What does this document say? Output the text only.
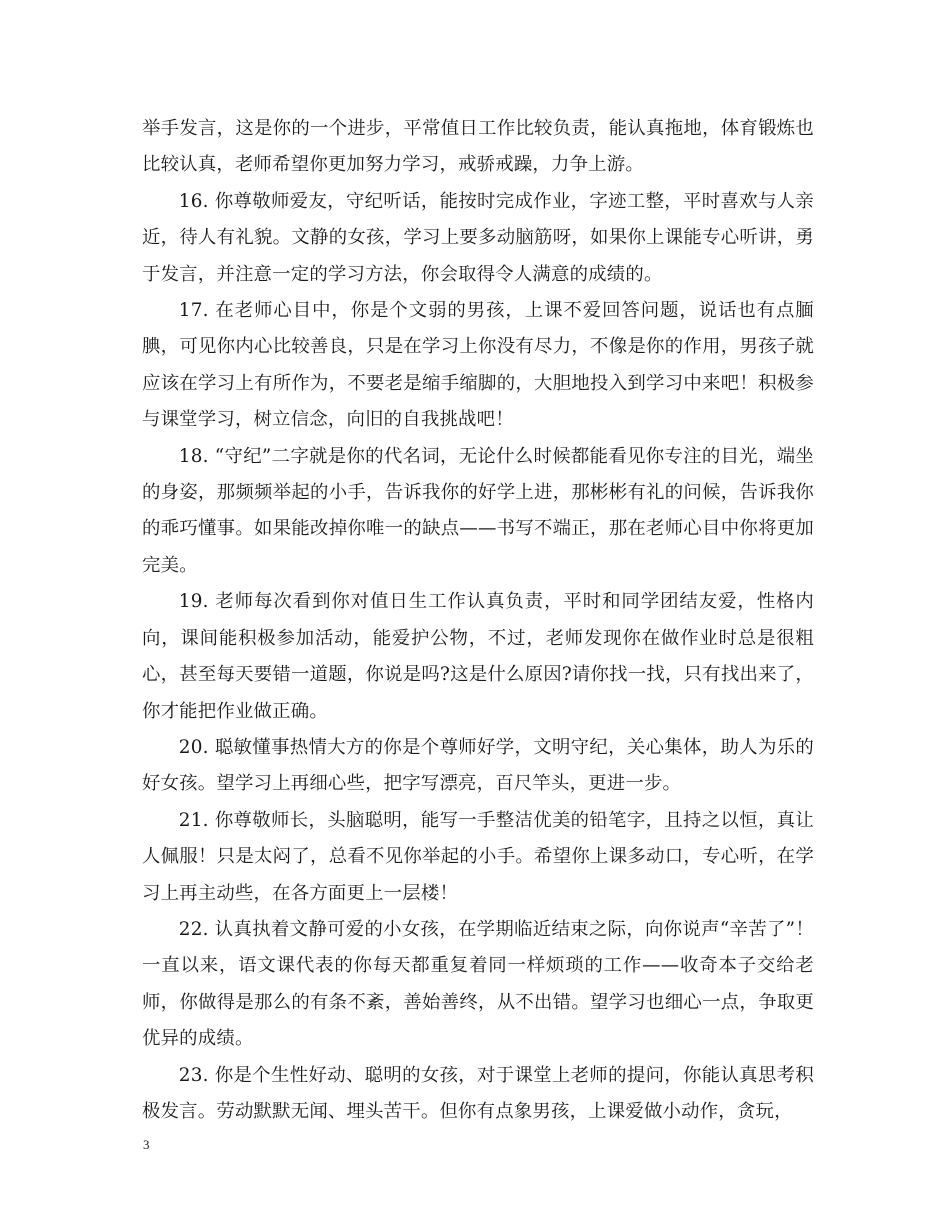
举手发言，这是你的一个进步，平常值日工作比较负责，能认真拖地，体育锻炼也比较认真，老师希望你更加努力学习，戒骄戒躁，力争上游。

16. 你尊敬师爱友，守纪听话，能按时完成作业，字迹工整，平时喜欢与人亲近，待人有礼貌。文静的女孩，学习上要多动脑筋呀，如果你上课能专心听讲，勇于发言，并注意一定的学习方法，你会取得令人满意的成绩的。

17. 在老师心目中，你是个文弱的男孩，上课不爱回答问题，说话也有点腼腆，可见你内心比较善良，只是在学习上你没有尽力，不像是你的作用，男孩子就应该在学习上有所作为，不要老是缩手缩脚的，大胆地投入到学习中来吧！积极参与课堂学习，树立信念，向旧的自我挑战吧！

18. “守纪”二字就是你的代名词，无论什么时候都能看见你专注的目光，端坐的身姿，那频频举起的小手，告诉我你的好学上进，那彬彬有礼的问候，告诉我你的乖巧懂事。如果能改掉你唯一的缺点——书写不端正，那在老师心目中你将更加完美。

19. 老师每次看到你对值日生工作认真负责，平时和同学团结友爱，性格内向，课间能积极参加活动，能爱护公物，不过，老师发现你在做作业时总是很粗心，甚至每天要错一道题，你说是吗?这是什么原因?请你找一找，只有找出来了，你才能把作业做正确。

20. 聪敏懂事热情大方的你是个尊师好学，文明守纪，关心集体，助人为乐的好女孩。望学习上再细心些，把字写漂亮，百尺竿头，更进一步。

21. 你尊敬师长，头脑聪明，能写一手整洁优美的铅笔字，且持之以恒，真让人佩服！只是太闷了，总看不见你举起的小手。希望你上课多动口，专心听，在学习上再主动些，在各方面更上一层楼！

22. 认真执着文静可爱的小女孩，在学期临近结束之际，向你说声“辛苦了”！一直以来，语文课代表的你每天都重复着同一样烦琐的工作——收奇本子交给老师，你做得是那么的有条不紊，善始善终，从不出错。望学习也细心一点，争取更优异的成绩。

23. 你是个生性好动、聪明的女孩，对于课堂上老师的提问，你能认真思考积极发言。劳动默默无闻、埋头苦干。但你有点象男孩，上课爱做小动作，贪玩，

3
